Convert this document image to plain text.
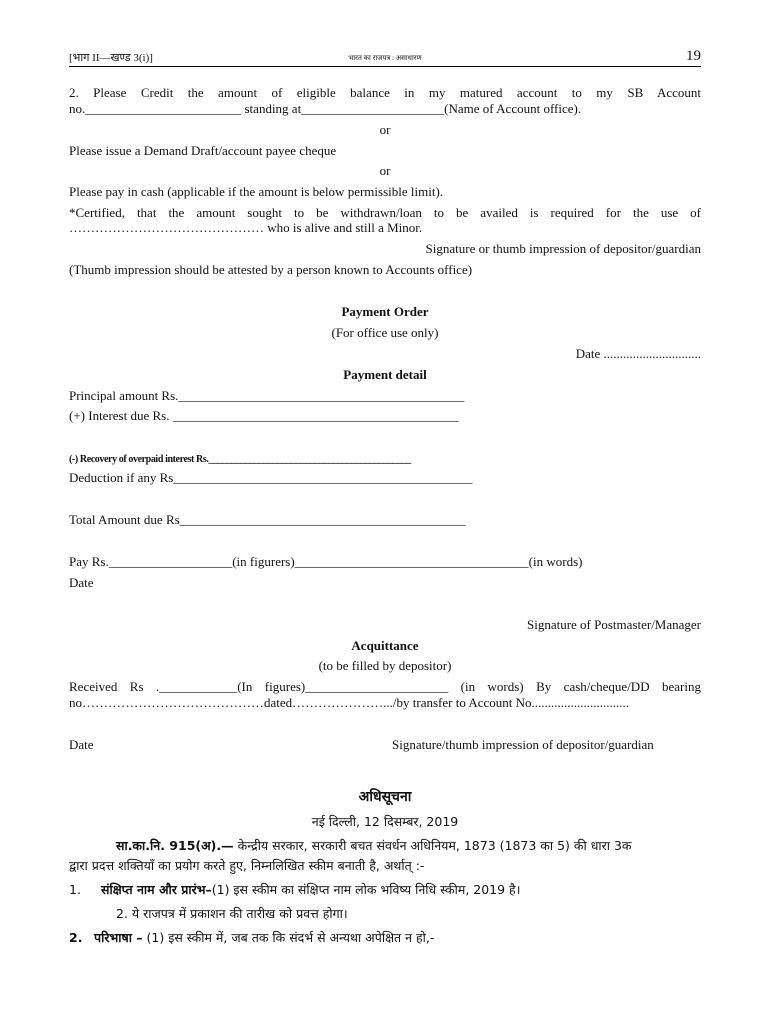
[भाग II—खण्ड 3(i)]	भारत का राजपत्र : असाधारण	19
2. Please Credit the amount of eligible balance in my matured account to my SB Account
no.________________________ standing at______________________(Name of Account office).
or
Please issue a Demand Draft/account payee cheque
or
Please pay in cash (applicable if the amount is below permissible limit).
*Certified, that the amount sought to be withdrawn/loan to be availed is required for the use of
……………………………………… who is alive and still a Minor.
Signature or thumb impression of depositor/guardian
(Thumb impression should be attested by a person known to Accounts office)
Payment Order
(For office use only)
Date ..............................
Payment detail
Principal amount Rs.____________________________________________
(+) Interest due Rs. ____________________________________________
(-) Recovery of overpaid interest Rs.____________________________________________
Deduction if any Rs______________________________________________
Total Amount due Rs____________________________________________
Pay Rs.___________________(in figurers)____________________________________(in words)
Date
Signature of Postmaster/Manager
Acquittance
(to be filled by depositor)
Received Rs .____________(In figures)______________________ (in words) By cash/cheque/DD bearing
no……………………………………dated………………….../by transfer to Account No..............................
Date	Signature/thumb impression of depositor/guardian
अधिसूचना
नई दिल्ली, 12 दिसम्बर, 2019
सा.का.नि. 915(अ).— केन्द्रीय सरकार, सरकारी बचत संवर्धन अधिनियम, 1873 (1873 का 5) की धारा 3क
द्वारा प्रदत्त शक्तियाँ का प्रयोग करते हुए, निम्नलिखित स्कीम बनाती है, अर्थात् :-
1. संक्षिप्त नाम और प्रारंभ–(1) इस स्कीम का संक्षिप्त नाम लोक भविष्य निधि स्कीम, 2019 है।
2. ये राजपत्र में प्रकाशन की तारीख को प्रवत्त होगा।
2. परिभाषा – (1) इस स्कीम में, जब तक कि संदर्भ से अन्यथा अपेक्षित न हो,-
